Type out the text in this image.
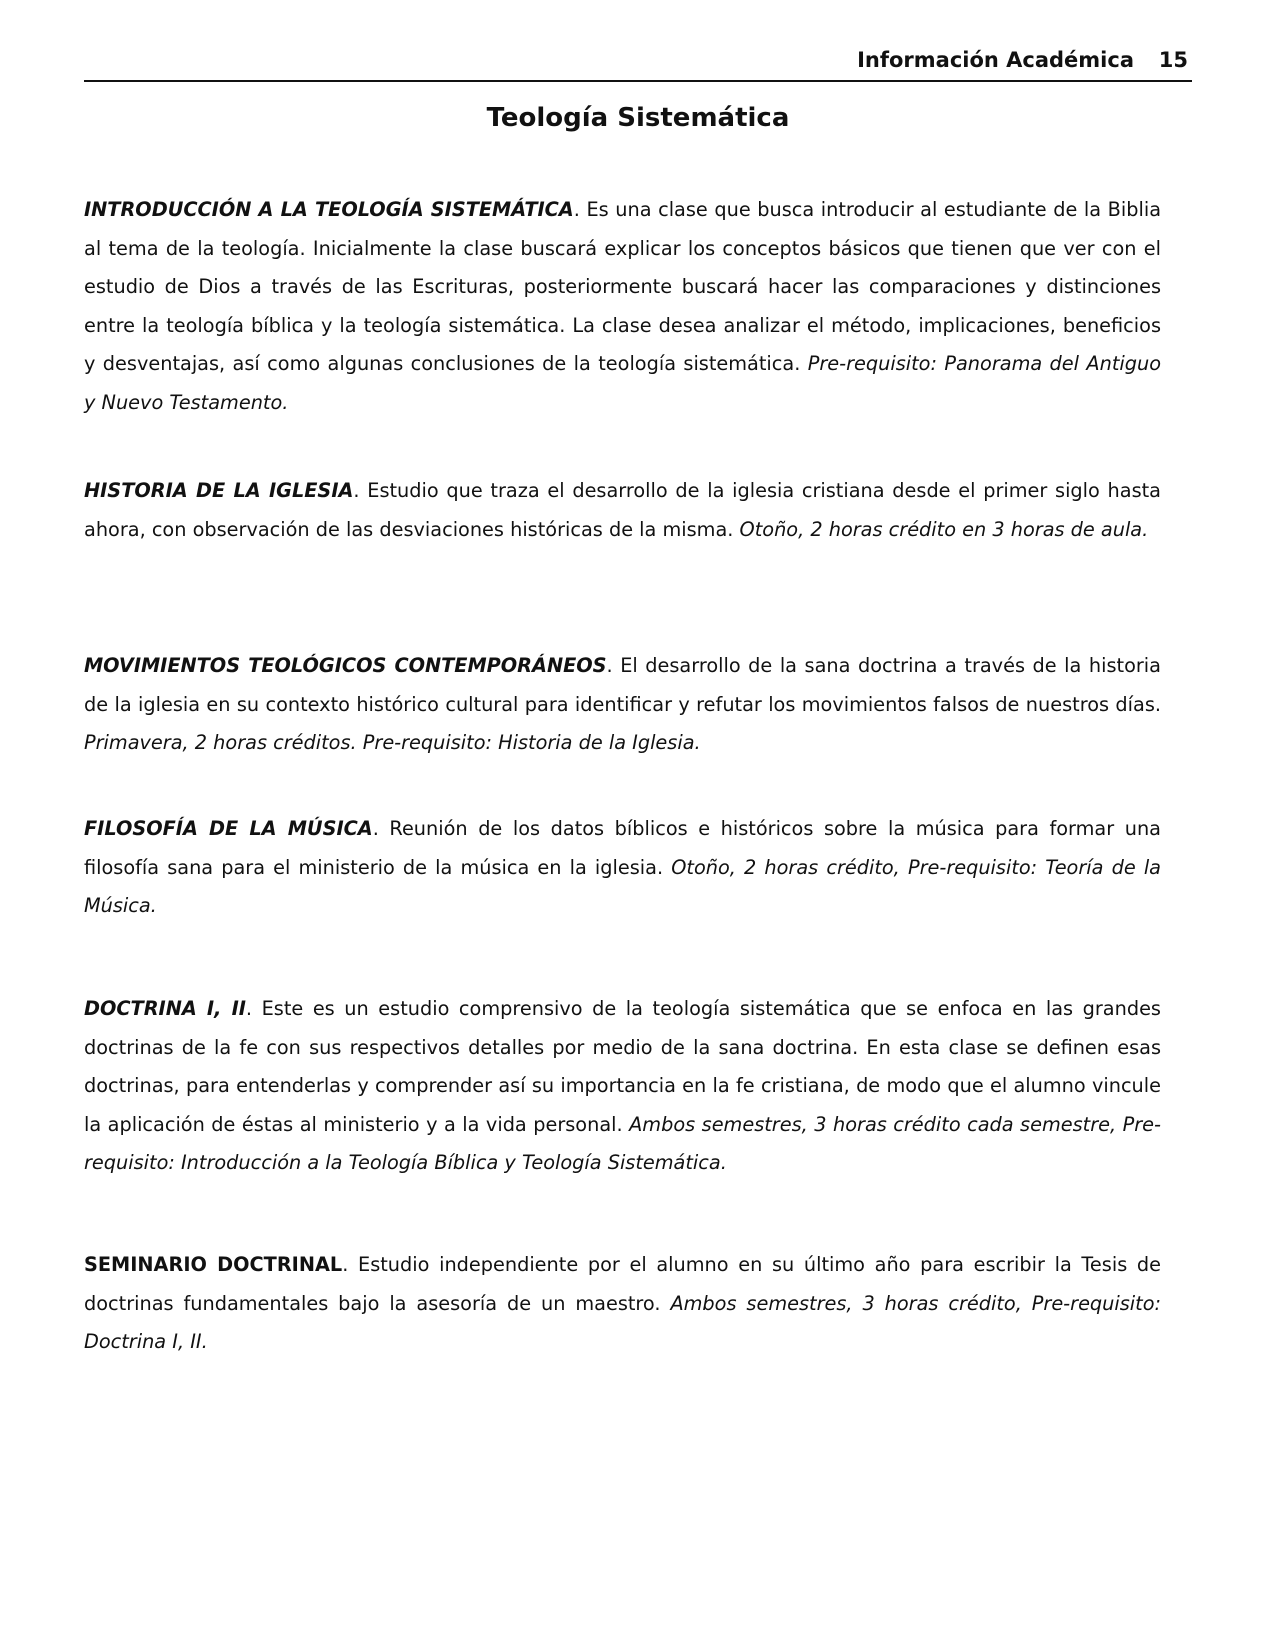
Información Académica 15
Teología Sistemática

INTRODUCCIÓN A LA TEOLOGÍA SISTEMÁTICA. Es una clase que busca introducir al estudiante de la Biblia al tema de la teología. Inicialmente la clase buscará explicar los conceptos básicos que tienen que ver con el estudio de Dios a través de las Escrituras, posteriormente buscará hacer las comparaciones y distinciones entre la teología bíblica y la teología sistemática. La clase desea analizar el método, implicaciones, beneficios y desventajas, así como algunas conclusiones de la teología sistemática. Pre-requisito: Panorama del Antiguo y Nuevo Testamento.

HISTORIA DE LA IGLESIA. Estudio que traza el desarrollo de la iglesia cristiana desde el primer siglo hasta ahora, con observación de las desviaciones históricas de la misma. Otoño, 2 horas crédito en 3 horas de aula.

MOVIMIENTOS TEOLÓGICOS CONTEMPORÁNEOS. El desarrollo de la sana doctrina a través de la historia de la iglesia en su contexto histórico cultural para identificar y refutar los movimientos falsos de nuestros días. Primavera, 2 horas créditos. Pre-requisito: Historia de la Iglesia.

FILOSOFÍA DE LA MÚSICA. Reunión de los datos bíblicos e históricos sobre la música para formar una filosofía sana para el ministerio de la música en la iglesia. Otoño, 2 horas crédito, Pre-requisito: Teoría de la Música.

DOCTRINA I, II. Este es un estudio comprensivo de la teología sistemática que se enfoca en las grandes doctrinas de la fe con sus respectivos detalles por medio de la sana doctrina. En esta clase se definen esas doctrinas, para entenderlas y comprender así su importancia en la fe cristiana, de modo que el alumno vincule la aplicación de éstas al ministerio y a la vida personal. Ambos semestres, 3 horas crédito cada semestre, Pre-requisito: Introducción a la Teología Bíblica y Teología Sistemática.

SEMINARIO DOCTRINAL. Estudio independiente por el alumno en su último año para escribir la Tesis de doctrinas fundamentales bajo la asesoría de un maestro. Ambos semestres, 3 horas crédito, Pre-requisito: Doctrina I, II.
